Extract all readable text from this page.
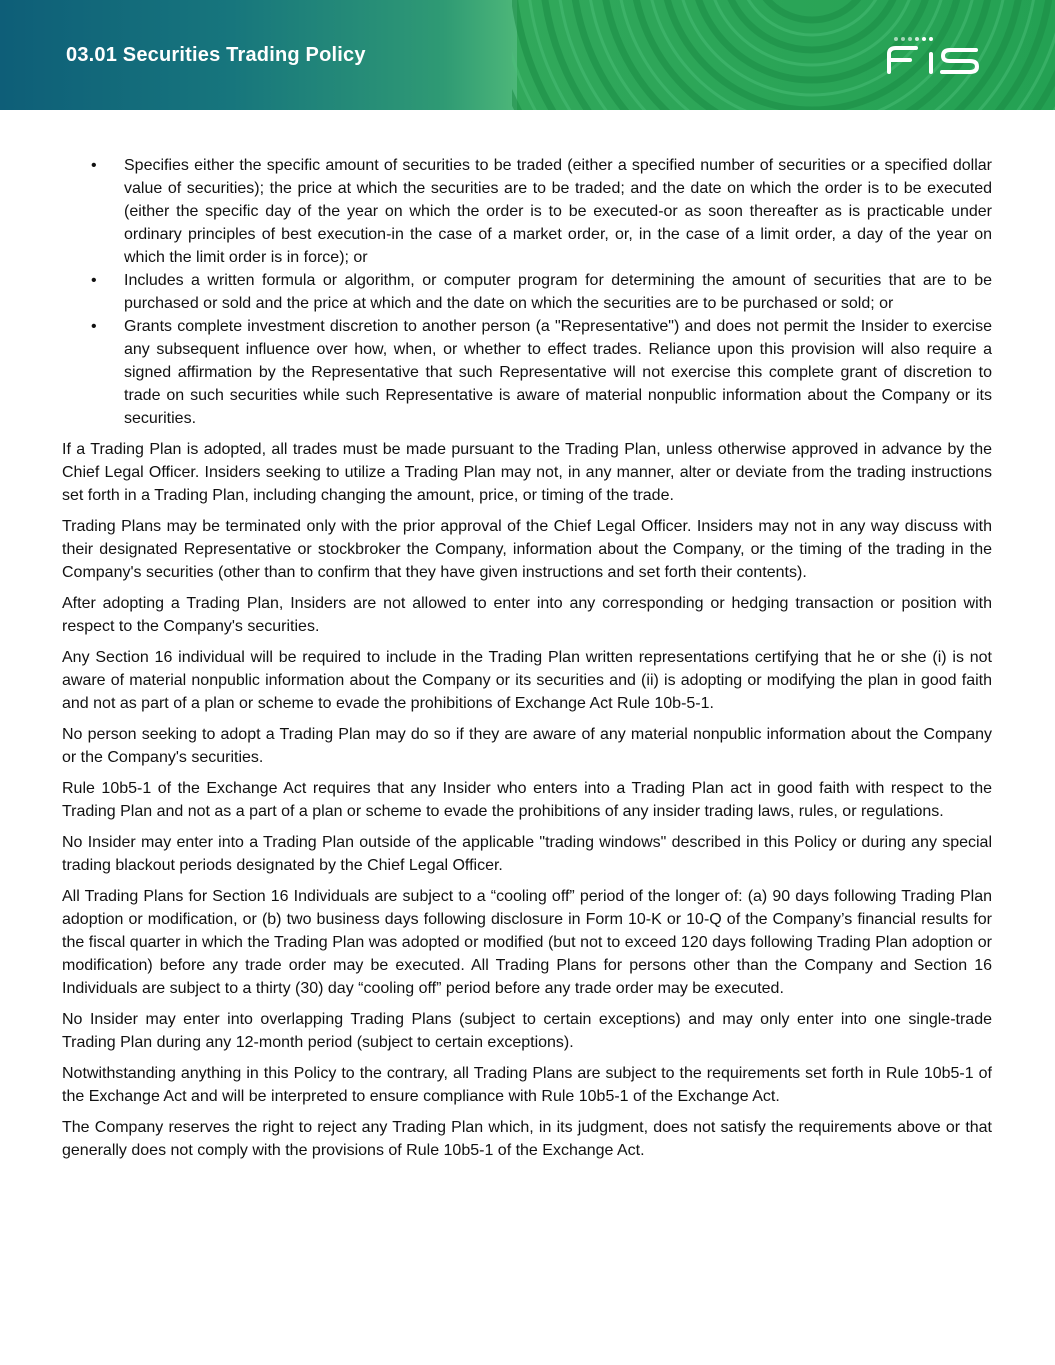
03.01 Securities Trading Policy
• Specifies either the specific amount of securities to be traded (either a specified number of securities or a specified dollar value of securities); the price at which the securities are to be traded; and the date on which the order is to be executed (either the specific day of the year on which the order is to be executed-or as soon thereafter as is practicable under ordinary principles of best execution-in the case of a market order, or, in the case of a limit order, a day of the year on which the limit order is in force); or
• Includes a written formula or algorithm, or computer program for determining the amount of securities that are to be purchased or sold and the price at which and the date on which the securities are to be purchased or sold; or
• Grants complete investment discretion to another person (a "Representative") and does not permit the Insider to exercise any subsequent influence over how, when, or whether to effect trades. Reliance upon this provision will also require a signed affirmation by the Representative that such Representative will not exercise this complete grant of discretion to trade on such securities while such Representative is aware of material nonpublic information about the Company or its securities.

If a Trading Plan is adopted, all trades must be made pursuant to the Trading Plan, unless otherwise approved in advance by the Chief Legal Officer. Insiders seeking to utilize a Trading Plan may not, in any manner, alter or deviate from the trading instructions set forth in a Trading Plan, including changing the amount, price, or timing of the trade.

Trading Plans may be terminated only with the prior approval of the Chief Legal Officer. Insiders may not in any way discuss with their designated Representative or stockbroker the Company, information about the Company, or the timing of the trading in the Company's securities (other than to confirm that they have given instructions and set forth their contents).

After adopting a Trading Plan, Insiders are not allowed to enter into any corresponding or hedging transaction or position with respect to the Company's securities.

Any Section 16 individual will be required to include in the Trading Plan written representations certifying that he or she (i) is not aware of material nonpublic information about the Company or its securities and (ii) is adopting or modifying the plan in good faith and not as part of a plan or scheme to evade the prohibitions of Exchange Act Rule 10b-5-1.

No person seeking to adopt a Trading Plan may do so if they are aware of any material nonpublic information about the Company or the Company's securities.

Rule 10b5-1 of the Exchange Act requires that any Insider who enters into a Trading Plan act in good faith with respect to the Trading Plan and not as a part of a plan or scheme to evade the prohibitions of any insider trading laws, rules, or regulations.

No Insider may enter into a Trading Plan outside of the applicable "trading windows" described in this Policy or during any special trading blackout periods designated by the Chief Legal Officer.

All Trading Plans for Section 16 Individuals are subject to a “cooling off” period of the longer of: (a) 90 days following Trading Plan adoption or modification, or (b) two business days following disclosure in Form 10-K or 10-Q of the Company’s financial results for the fiscal quarter in which the Trading Plan was adopted or modified (but not to exceed 120 days following Trading Plan adoption or modification) before any trade order may be executed. All Trading Plans for persons other than the Company and Section 16 Individuals are subject to a thirty (30) day “cooling off” period before any trade order may be executed.

No Insider may enter into overlapping Trading Plans (subject to certain exceptions) and may only enter into one single-trade Trading Plan during any 12-month period (subject to certain exceptions).

Notwithstanding anything in this Policy to the contrary, all Trading Plans are subject to the requirements set forth in Rule 10b5-1 of the Exchange Act and will be interpreted to ensure compliance with Rule 10b5-1 of the Exchange Act.

The Company reserves the right to reject any Trading Plan which, in its judgment, does not satisfy the requirements above or that generally does not comply with the provisions of Rule 10b5-1 of the Exchange Act.
